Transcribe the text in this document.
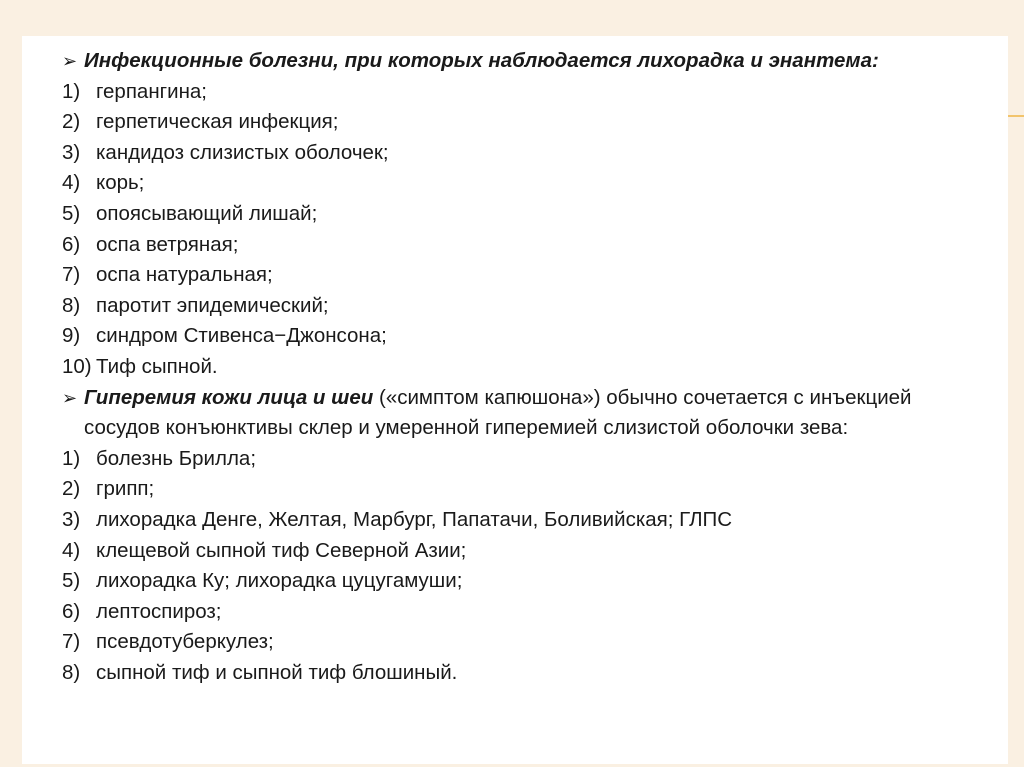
➢ Инфекционные болезни, при которых наблюдается лихорадка и энантема:
1) герпангина;
2) герпетическая инфекция;
3) кандидоз слизистых оболочек;
4) корь;
5) опоясывающий лишай;
6) оспа ветряная;
7) оспа натуральная;
8) паротит эпидемический;
9) синдром Стивенса−Джонсона;
10) Тиф сыпной.
➢ Гиперемия кожи лица и шеи («симптом капюшона») обычно сочетается с инъекцией сосудов конъюнктивы склер и умеренной гиперемией слизистой оболочки зева:
1) болезнь Брилла;
2) грипп;
3) лихорадка Денге, Желтая, Марбург, Папатачи, Боливийская; ГЛПС
4) клещевой сыпной тиф Северной Азии;
5) лихорадка Ку; лихорадка цуцугамуши;
6) лептоспироз;
7) псевдотуберкулез;
8) сыпной тиф и сыпной тиф блошиный.
